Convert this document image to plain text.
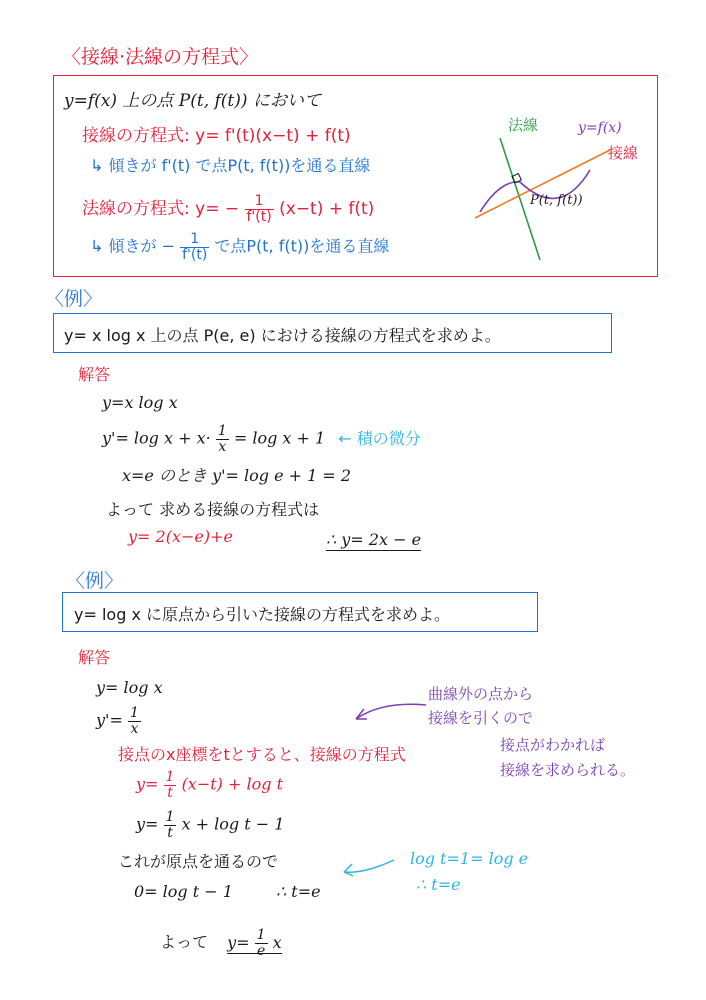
〈接線·法線の方程式〉
y=f(x) 上の点 P(t, f(t)) において
接線の方程式: y= f'(t)(x−t) + f(t)
↳ 傾きが f'(t) で点P(t, f(t))を通る直線
法線の方程式: $y= - \frac{1}{f'(t)} (x-t) + f(t)$
↳ 傾きが − $\frac{1}{f'(t)}$ で点P(t, f(t))を通る直線
法線	y=f(x)
接線
P(t, f(t))
〈例〉
y= x log x 上の点 P(e, e) における接線の方程式を求めよ。
解答
y=x log x
$y'= \log x + x\cdot \frac{1}{x} = \log x + 1$ ← 積の微分
x=e のとき y'= log e + 1 = 2
よって 求める接線の方程式は
y= 2(x−e)+e	∴ y= 2x − e
〈例〉
y= log x に原点から引いた接線の方程式を求めよ。
解答
y= log x
$y'= \frac{1}{x}$
接点のx座標をtとすると、接線の方程式
$y= \frac{1}{t} (x-t) + \log t$
$y= \frac{1}{t}$ x + log t − 1
これが原点を通るので
0= log t − 1	∴ t=e
よって $y= \frac{1}{e}$ x
曲線外の点から
接線を引くので
接点がわかれば
接線を求められる。
log t=1= log e
∴ t=e
